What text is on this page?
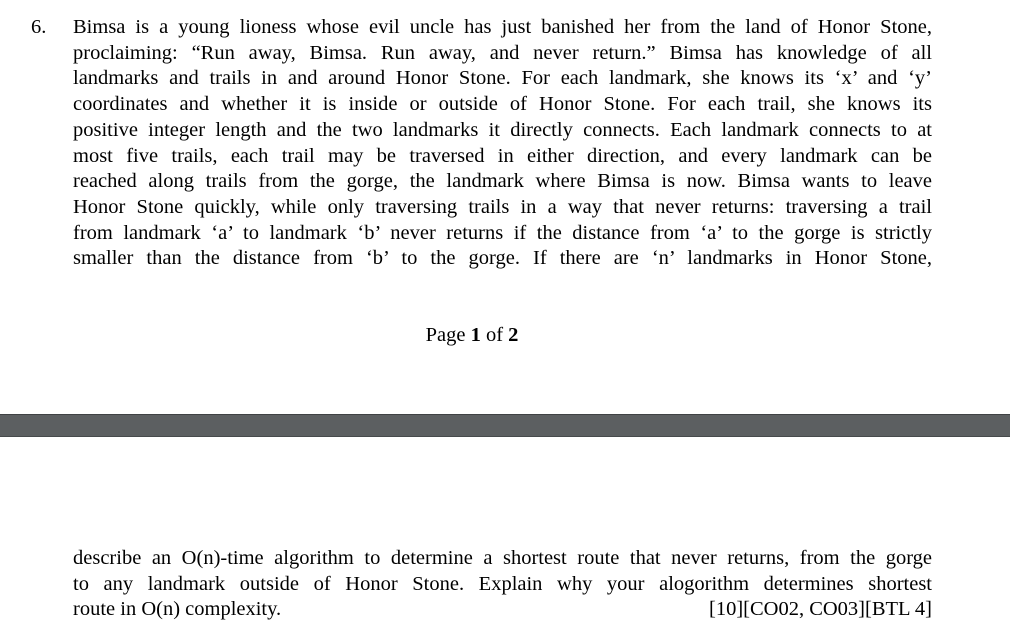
6. Bimsa is a young lioness whose evil uncle has just banished her from the land of Honor Stone,
proclaiming: “Run away, Bimsa. Run away, and never return.” Bimsa has knowledge of all
landmarks and trails in and around Honor Stone. For each landmark, she knows its ‘x’ and ‘y’
coordinates and whether it is inside or outside of Honor Stone. For each trail, she knows its
positive integer length and the two landmarks it directly connects. Each landmark connects to at
most five trails, each trail may be traversed in either direction, and every landmark can be
reached along trails from the gorge, the landmark where Bimsa is now. Bimsa wants to leave
Honor Stone quickly, while only traversing trails in a way that never returns: traversing a trail
from landmark ‘a’ to landmark ‘b’ never returns if the distance from ‘a’ to the gorge is strictly
smaller than the distance from ‘b’ to the gorge. If there are ‘n’ landmarks in Honor Stone,
Page 1 of 2
describe an O(n)-time algorithm to determine a shortest route that never returns, from the gorge
to any landmark outside of Honor Stone. Explain why your alogorithm determines shortest
route in O(n) complexity.	[10][CO02, CO03][BTL 4]
